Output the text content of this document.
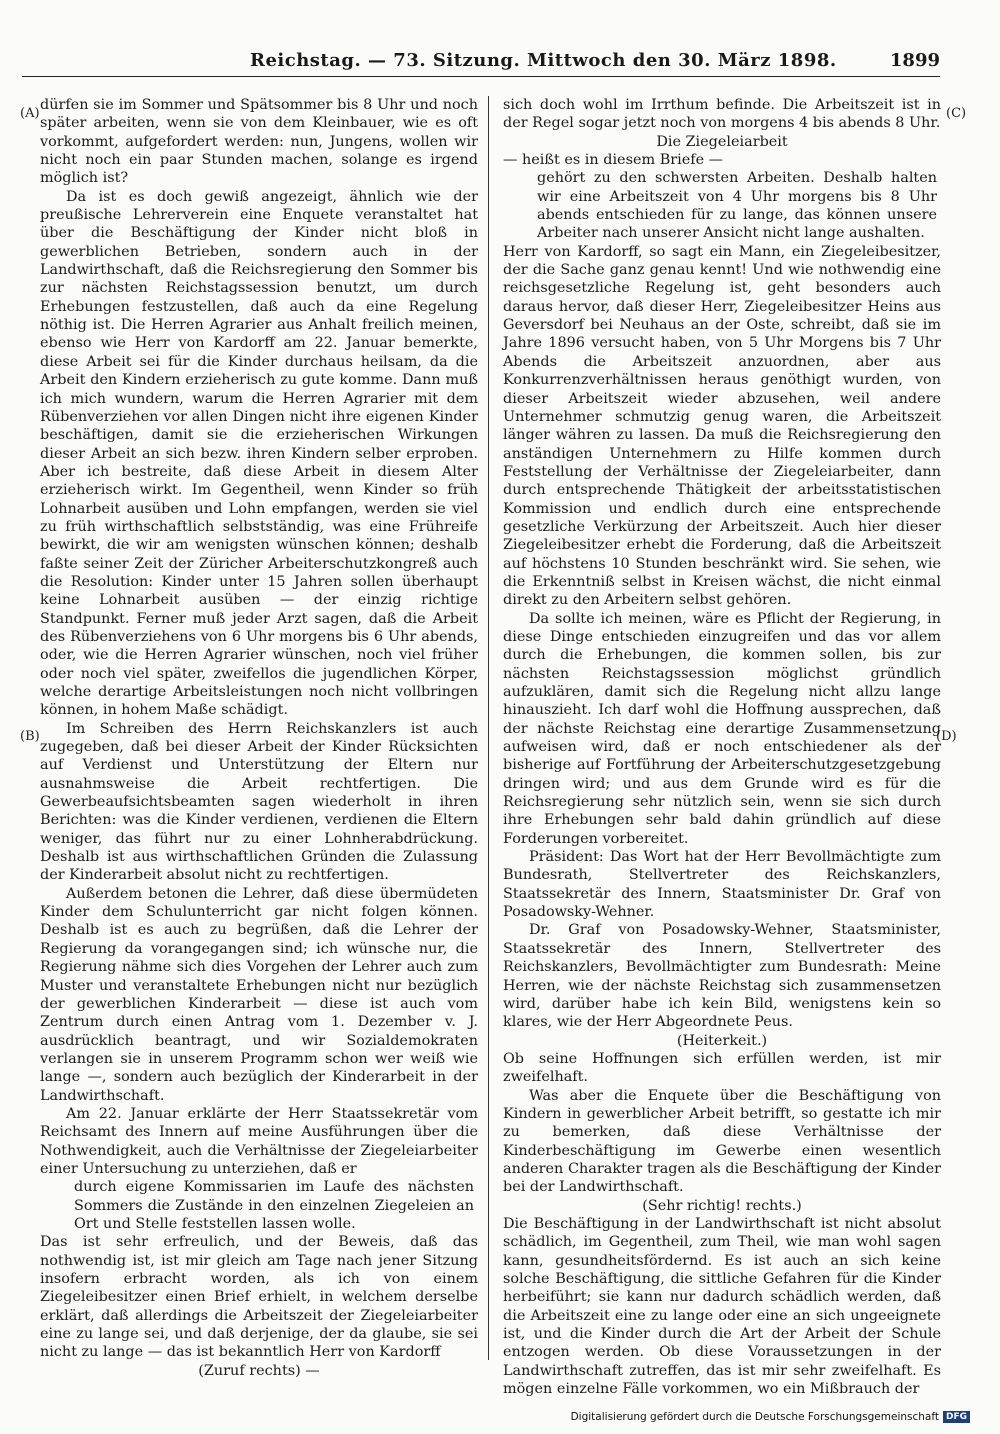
Reichstag. — 73. Sitzung. Mittwoch den 30. März 1898.	1899
(A)
(B)
(C)
(D)

dürfen sie im Sommer und Spätsommer bis 8 Uhr und noch später arbeiten, wenn sie von dem Kleinbauer, wie es oft vorkommt, aufgefordert werden: nun, Jungens, wollen wir nicht noch ein paar Stunden machen, solange es irgend möglich ist?

Da ist es doch gewiß angezeigt, ähnlich wie der preußische Lehrerverein eine Enquete veranstaltet hat über die Beschäftigung der Kinder nicht bloß in gewerblichen Betrieben, sondern auch in der Landwirthschaft, daß die Reichsregierung den Sommer bis zur nächsten Reichstagssession benutzt, um durch Erhebungen festzustellen, daß auch da eine Regelung nöthig ist. Die Herren Agrarier aus Anhalt freilich meinen, ebenso wie Herr von Kardorff am 22. Januar bemerkte, diese Arbeit sei für die Kinder durchaus heilsam, da die Arbeit den Kindern erzieherisch zu gute komme. Dann muß ich mich wundern, warum die Herren Agrarier mit dem Rübenverziehen vor allen Dingen nicht ihre eigenen Kinder beschäftigen, damit sie die erzieherischen Wirkungen dieser Arbeit an sich bezw. ihren Kindern selber erproben. Aber ich bestreite, daß diese Arbeit in diesem Alter erzieherisch wirkt. Im Gegentheil, wenn Kinder so früh Lohnarbeit ausüben und Lohn empfangen, werden sie viel zu früh wirthschaftlich selbstständig, was eine Frühreife bewirkt, die wir am wenigsten wünschen können; deshalb faßte seiner Zeit der Züricher Arbeiterschutzkongreß auch die Resolution: Kinder unter 15 Jahren sollen überhaupt keine Lohnarbeit ausüben — der einzig richtige Standpunkt. Ferner muß jeder Arzt sagen, daß die Arbeit des Rübenverziehens von 6 Uhr morgens bis 6 Uhr abends, oder, wie die Herren Agrarier wünschen, noch viel früher oder noch viel später, zweifellos die jugendlichen Körper, welche derartige Arbeitsleistungen noch nicht vollbringen können, in hohem Maße schädigt.

Im Schreiben des Herrn Reichskanzlers ist auch zugegeben, daß bei dieser Arbeit der Kinder Rücksichten auf Verdienst und Unterstützung der Eltern nur ausnahmsweise die Arbeit rechtfertigen. Die Gewerbeaufsichtsbeamten sagen wiederholt in ihren Berichten: was die Kinder verdienen, verdienen die Eltern weniger, das führt nur zu einer Lohnherabdrückung. Deshalb ist aus wirthschaftlichen Gründen die Zulassung der Kinderarbeit absolut nicht zu rechtfertigen.

Außerdem betonen die Lehrer, daß diese übermüdeten Kinder dem Schulunterricht gar nicht folgen können. Deshalb ist es auch zu begrüßen, daß die Lehrer der Regierung da vorangegangen sind; ich wünsche nur, die Regierung nähme sich dies Vorgehen der Lehrer auch zum Muster und veranstaltete Erhebungen nicht nur bezüglich der gewerblichen Kinderarbeit — diese ist auch vom Zentrum durch einen Antrag vom 1. Dezember v. J. ausdrücklich beantragt, und wir Sozialdemokraten verlangen sie in unserem Programm schon wer weiß wie lange —, sondern auch bezüglich der Kinderarbeit in der Landwirthschaft.

Am 22. Januar erklärte der Herr Staatssekretär vom Reichsamt des Innern auf meine Ausführungen über die Nothwendigkeit, auch die Verhältnisse der Ziegeleiarbeiter einer Untersuchung zu unterziehen, daß er

durch eigene Kommissarien im Laufe des nächsten Sommers die Zustände in den einzelnen Ziegeleien an Ort und Stelle feststellen lassen wolle.

Das ist sehr erfreulich, und der Beweis, daß das nothwendig ist, ist mir gleich am Tage nach jener Sitzung insofern erbracht worden, als ich von einem Ziegeleibesitzer einen Brief erhielt, in welchem derselbe erklärt, daß allerdings die Arbeitszeit der Ziegeleiarbeiter eine zu lange sei, und daß derjenige, der da glaube, sie sei nicht zu lange — das ist bekanntlich Herr von Kardorff

(Zuruf rechts) —

sich doch wohl im Irrthum befinde. Die Arbeitszeit ist in der Regel sogar jetzt noch von morgens 4 bis abends 8 Uhr.

Die Ziegeleiarbeit

— heißt es in diesem Briefe —

gehört zu den schwersten Arbeiten. Deshalb halten wir eine Arbeitszeit von 4 Uhr morgens bis 8 Uhr abends entschieden für zu lange, das können unsere Arbeiter nach unserer Ansicht nicht lange aushalten.

Herr von Kardorff, so sagt ein Mann, ein Ziegeleibesitzer, der die Sache ganz genau kennt! Und wie nothwendig eine reichsgesetzliche Regelung ist, geht besonders auch daraus hervor, daß dieser Herr, Ziegeleibesitzer Heins aus Geversdorf bei Neuhaus an der Oste, schreibt, daß sie im Jahre 1896 versucht haben, von 5 Uhr Morgens bis 7 Uhr Abends die Arbeitszeit anzuordnen, aber aus Konkurrenzverhältnissen heraus genöthigt wurden, von dieser Arbeitszeit wieder abzusehen, weil andere Unternehmer schmutzig genug waren, die Arbeitszeit länger währen zu lassen. Da muß die Reichsregierung den anständigen Unternehmern zu Hilfe kommen durch Feststellung der Verhältnisse der Ziegeleiarbeiter, dann durch entsprechende Thätigkeit der arbeitsstatistischen Kommission und endlich durch eine entsprechende gesetzliche Verkürzung der Arbeitszeit. Auch hier dieser Ziegeleibesitzer erhebt die Forderung, daß die Arbeitszeit auf höchstens 10 Stunden beschränkt wird. Sie sehen, wie die Erkenntniß selbst in Kreisen wächst, die nicht einmal direkt zu den Arbeitern selbst gehören.

Da sollte ich meinen, wäre es Pflicht der Regierung, in diese Dinge entschieden einzugreifen und das vor allem durch die Erhebungen, die kommen sollen, bis zur nächsten Reichstagssession möglichst gründlich aufzuklären, damit sich die Regelung nicht allzu lange hinauszieht. Ich darf wohl die Hoffnung aussprechen, daß der nächste Reichstag eine derartige Zusammensetzung aufweisen wird, daß er noch entschiedener als der bisherige auf Fortführung der Arbeiterschutzgesetzgebung dringen wird; und aus dem Grunde wird es für die Reichsregierung sehr nützlich sein, wenn sie sich durch ihre Erhebungen sehr bald dahin gründlich auf diese Forderungen vorbereitet.

Präsident: Das Wort hat der Herr Bevollmächtigte zum Bundesrath, Stellvertreter des Reichskanzlers, Staatssekretär des Innern, Staatsminister Dr. Graf von Posadowsky-Wehner.

Dr. Graf von Posadowsky-Wehner, Staatsminister, Staatssekretär des Innern, Stellvertreter des Reichskanzlers, Bevollmächtigter zum Bundesrath: Meine Herren, wie der nächste Reichstag sich zusammensetzen wird, darüber habe ich kein Bild, wenigstens kein so klares, wie der Herr Abgeordnete Peus.

(Heiterkeit.)

Ob seine Hoffnungen sich erfüllen werden, ist mir zweifelhaft.

Was aber die Enquete über die Beschäftigung von Kindern in gewerblicher Arbeit betrifft, so gestatte ich mir zu bemerken, daß diese Verhältnisse der Kinderbeschäftigung im Gewerbe einen wesentlich anderen Charakter tragen als die Beschäftigung der Kinder bei der Landwirthschaft.

(Sehr richtig! rechts.)

Die Beschäftigung in der Landwirthschaft ist nicht absolut schädlich, im Gegentheil, zum Theil, wie man wohl sagen kann, gesundheitsfördernd. Es ist auch an sich keine solche Beschäftigung, die sittliche Gefahren für die Kinder herbeiführt; sie kann nur dadurch schädlich werden, daß die Arbeitszeit eine zu lange oder eine an sich ungeeignete ist, und die Kinder durch die Art der Arbeit der Schule entzogen werden. Ob diese Voraussetzungen in der Landwirthschaft zutreffen, das ist mir sehr zweifelhaft. Es mögen einzelne Fälle vorkommen, wo ein Mißbrauch der

Digitalisierung gefördert durch die Deutsche Forschungsgemeinschaft DFG
